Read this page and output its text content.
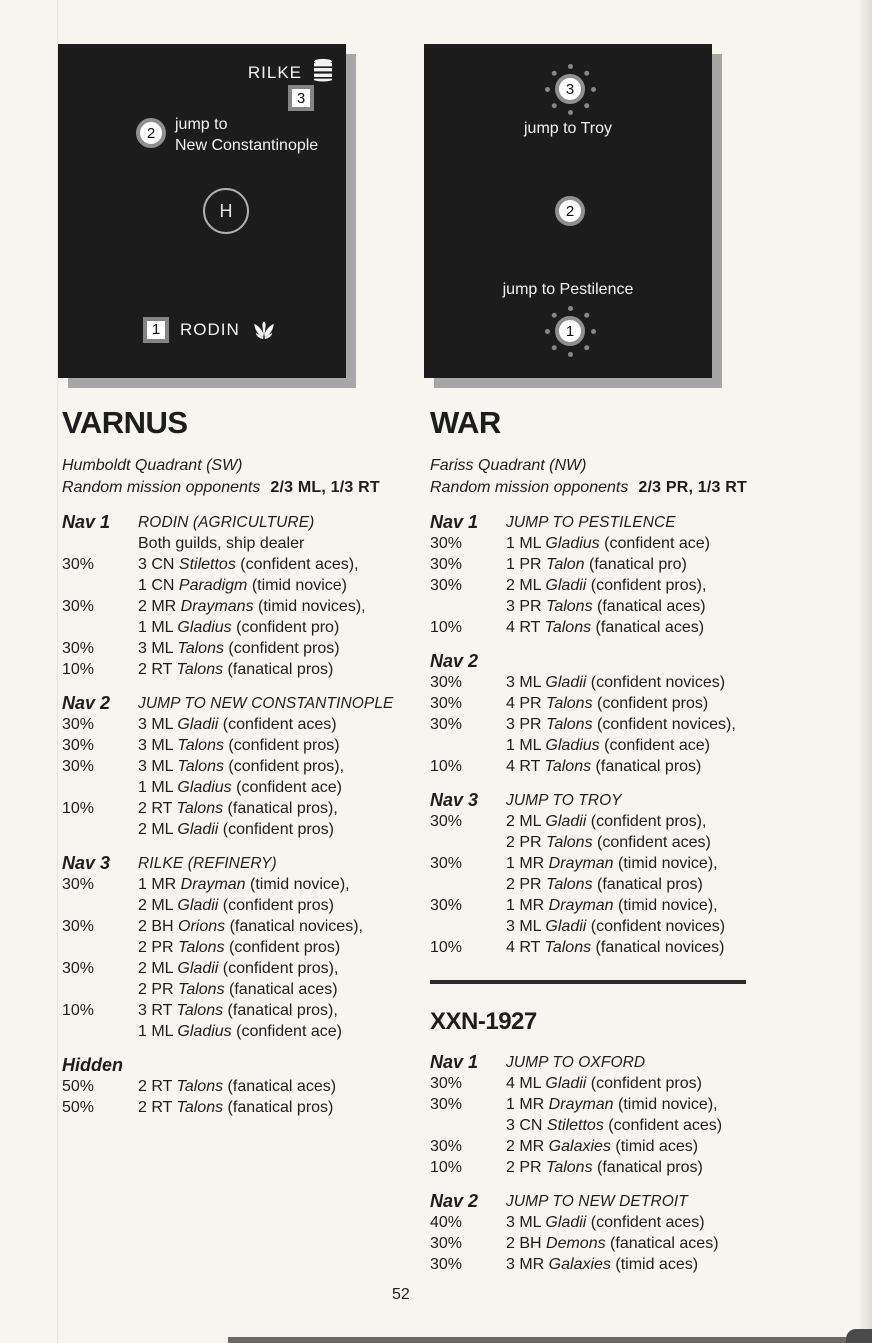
RILKE
3
2 jump to
New Constantinople
H
1 RODIN
3
jump to Troy
2
jump to Pestilence
1
VARNUS
Humboldt Quadrant (SW)
Random mission opponents 2/3 ML, 1/3 RT
Nav 1	RODIN (AGRICULTURE)
Both guilds, ship dealer
30%	3 CN Stilettos (confident aces),
1 CN Paradigm (timid novice)
30%	2 MR Draymans (timid novices),
1 ML Gladius (confident pro)
30%	3 ML Talons (confident pros)
10%	2 RT Talons (fanatical pros)
Nav 2	JUMP TO NEW CONSTANTINOPLE
30%	3 ML Gladii (confident aces)
30%	3 ML Talons (confident pros)
30%	3 ML Talons (confident pros),
1 ML Gladius (confident ace)
10%	2 RT Talons (fanatical pros),
2 ML Gladii (confident pros)
Nav 3	RILKE (REFINERY)
30%	1 MR Drayman (timid novice),
2 ML Gladii (confident pros)
30%	2 BH Orions (fanatical novices),
2 PR Talons (confident pros)
30%	2 ML Gladii (confident pros),
2 PR Talons (fanatical aces)
10%	3 RT Talons (fanatical pros),
1 ML Gladius (confident ace)
Hidden
50%	2 RT Talons (fanatical aces)
50%	2 RT Talons (fanatical pros)
WAR
Fariss Quadrant (NW)
Random mission opponents 2/3 PR, 1/3 RT
Nav 1	JUMP TO PESTILENCE
30%	1 ML Gladius (confident ace)
30%	1 PR Talon (fanatical pro)
30%	2 ML Gladii (confident pros),
3 PR Talons (fanatical aces)
10%	4 RT Talons (fanatical aces)
Nav 2
30%	3 ML Gladii (confident novices)
30%	4 PR Talons (confident pros)
30%	3 PR Talons (confident novices),
1 ML Gladius (confident ace)
10%	4 RT Talons (fanatical pros)
Nav 3	JUMP TO TROY
30%	2 ML Gladii (confident pros),
2 PR Talons (confident aces)
30%	1 MR Drayman (timid novice),
2 PR Talons (fanatical pros)
30%	1 MR Drayman (timid novice),
3 ML Gladii (confident novices)
10%	4 RT Talons (fanatical novices)
XXN-1927
Nav 1	JUMP TO OXFORD
30%	4 ML Gladii (confident pros)
30%	1 MR Drayman (timid novice),
3 CN Stilettos (confident aces)
30%	2 MR Galaxies (timid aces)
10%	2 PR Talons (fanatical pros)
Nav 2	JUMP TO NEW DETROIT
40%	3 ML Gladii (confident aces)
30%	2 BH Demons (fanatical aces)
30%	3 MR Galaxies (timid aces)
52
